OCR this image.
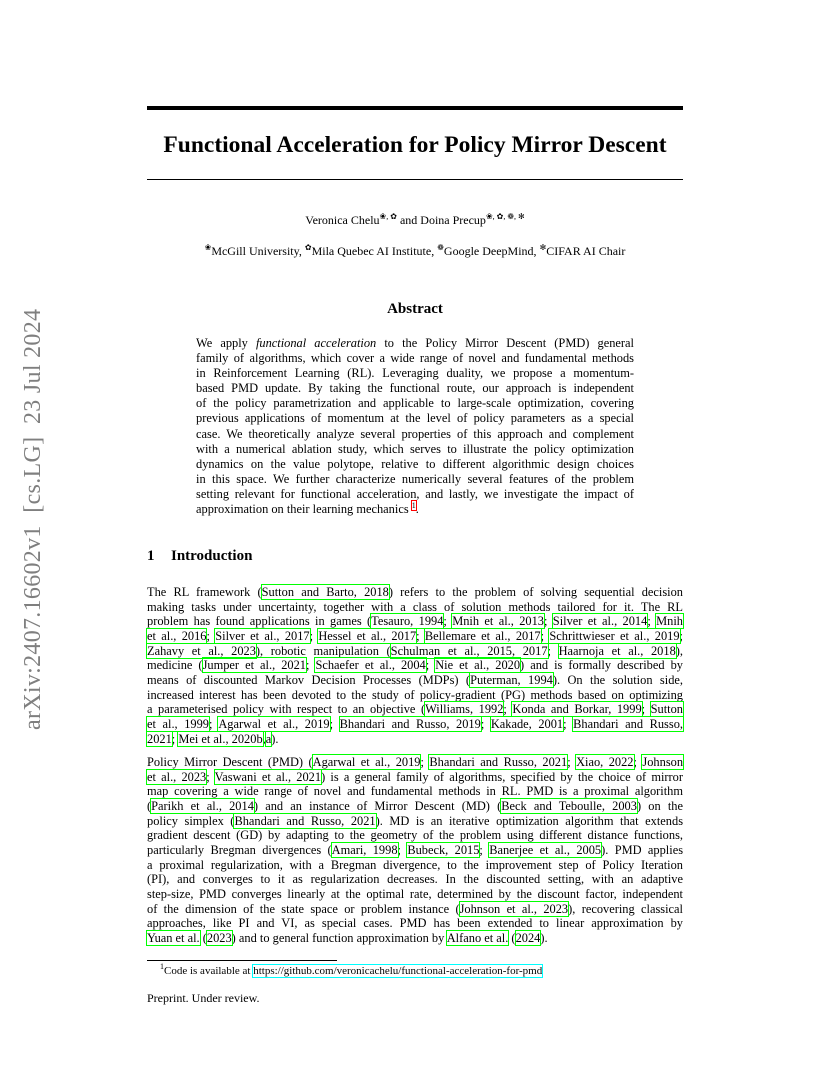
arXiv:2407.16602v1  [cs.LG]  23 Jul 2024
Functional Acceleration for Policy Mirror Descent
Veronica Chelu❀, ✿ and Doina Precup❀, ✿, ❁, ✻
❀McGill University, ✿Mila Quebec AI Institute, ❁Google DeepMind, ✻CIFAR AI Chair
Abstract
We apply functional acceleration to the Policy Mirror Descent (PMD) general
family of algorithms, which cover a wide range of novel and fundamental methods
in Reinforcement Learning (RL). Leveraging duality, we propose a momentum-
based PMD update. By taking the functional route, our approach is independent
of the policy parametrization and applicable to large-scale optimization, covering
previous applications of momentum at the level of policy parameters as a special
case. We theoretically analyze several properties of this approach and complement
with a numerical ablation study, which serves to illustrate the policy optimization
dynamics on the value polytope, relative to different algorithmic design choices
in this space. We further characterize numerically several features of the problem
setting relevant for functional acceleration, and lastly, we investigate the impact of
approximation on their learning mechanics $^1$.
1 Introduction
The RL framework (Sutton and Barto, 2018) refers to the problem of solving sequential decision
making tasks under uncertainty, together with a class of solution methods tailored for it. The RL
problem has found applications in games (Tesauro, 1994; Mnih et al., 2013; Silver et al., 2014; Mnih
et al., 2016; Silver et al., 2017; Hessel et al., 2017; Bellemare et al., 2017; Schrittwieser et al., 2019;
Zahavy et al., 2023), robotic manipulation (Schulman et al., 2015, 2017; Haarnoja et al., 2018),
medicine (Jumper et al., 2021; Schaefer et al., 2004; Nie et al., 2020) and is formally described by
means of discounted Markov Decision Processes (MDPs) (Puterman, 1994). On the solution side,
increased interest has been devoted to the study of policy-gradient (PG) methods based on optimizing
a parameterised policy with respect to an objective (Williams, 1992; Konda and Borkar, 1999; Sutton
et al., 1999; Agarwal et al., 2019; Bhandari and Russo, 2019; Kakade, 2001; Bhandari and Russo,
2021; Mei et al., 2020b,a).
Policy Mirror Descent (PMD) (Agarwal et al., 2019; Bhandari and Russo, 2021; Xiao, 2022; Johnson
et al., 2023; Vaswani et al., 2021) is a general family of algorithms, specified by the choice of mirror
map covering a wide range of novel and fundamental methods in RL. PMD is a proximal algorithm
(Parikh et al., 2014) and an instance of Mirror Descent (MD) (Beck and Teboulle, 2003) on the
policy simplex (Bhandari and Russo, 2021). MD is an iterative optimization algorithm that extends
gradient descent (GD) by adapting to the geometry of the problem using different distance functions,
particularly Bregman divergences (Amari, 1998; Bubeck, 2015; Banerjee et al., 2005). PMD applies
a proximal regularization, with a Bregman divergence, to the improvement step of Policy Iteration
(PI), and converges to it as regularization decreases. In the discounted setting, with an adaptive
step-size, PMD converges linearly at the optimal rate, determined by the discount factor, independent
of the dimension of the state space or problem instance (Johnson et al., 2023), recovering classical
approaches, like PI and VI, as special cases. PMD has been extended to linear approximation by
Yuan et al. (2023) and to general function approximation by Alfano et al. (2024).
$^1$Code is available at https://github.com/veronicachelu/functional-acceleration-for-pmd
Preprint. Under review.
